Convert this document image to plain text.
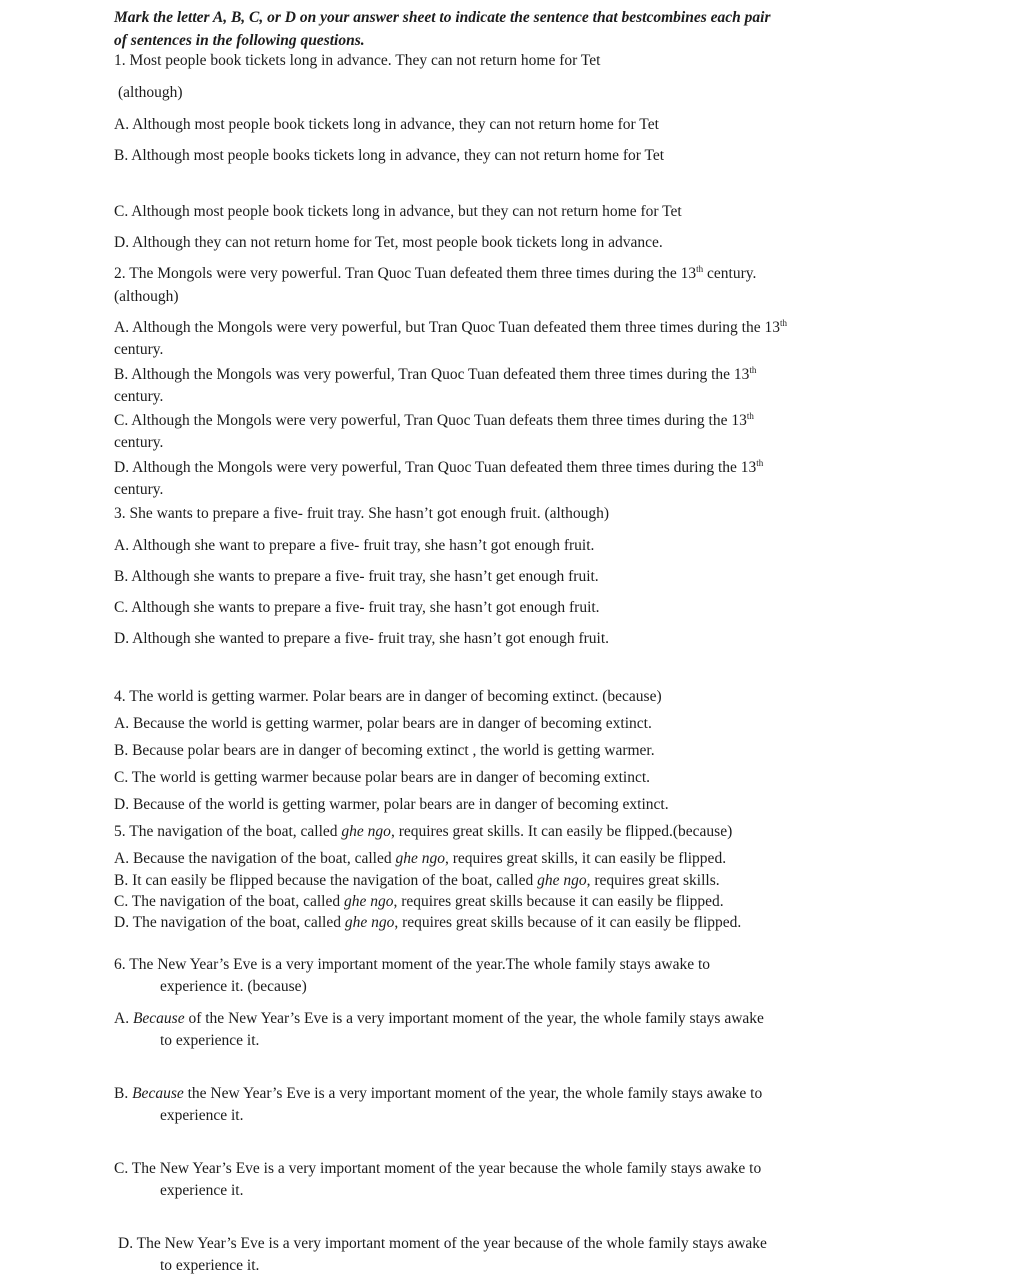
Mark the letter A, B, C, or D on your answer sheet to indicate the sentence that bestcombines each pair
of sentences in the following questions.
1. Most people book tickets long in advance. They can not return home for Tet
(although)
A. Although most people book tickets long in advance, they can not return home for Tet
B. Although most people books tickets long in advance, they can not return home for Tet
C. Although most people book tickets long in advance, but they can not return home for Tet
D. Although they can not return home for Tet, most people book tickets long in advance.
2. The Mongols were very powerful. Tran Quoc Tuan defeated them three times during the 13th century.
(although)
A. Although the Mongols were very powerful, but Tran Quoc Tuan defeated them three times during the 13th
century.
B. Although the Mongols was very powerful, Tran Quoc Tuan defeated them three times during the 13th
century.
C. Although the Mongols were very powerful, Tran Quoc Tuan defeats them three times during the 13th
century.
D. Although the Mongols were very powerful, Tran Quoc Tuan defeated them three times during the 13th
century.
3. She wants to prepare a five- fruit tray. She hasn’t got enough fruit. (although)
A. Although she want to prepare a five- fruit tray, she hasn’t got enough fruit.
B. Although she wants to prepare a five- fruit tray, she hasn’t get enough fruit.
C. Although she wants to prepare a five- fruit tray, she hasn’t got enough fruit.
D. Although she wanted to prepare a five- fruit tray, she hasn’t got enough fruit.
4. The world is getting warmer. Polar bears are in danger of becoming extinct. (because)
A. Because the world is getting warmer, polar bears are in danger of becoming extinct.
B. Because polar bears are in danger of becoming extinct , the world is getting warmer.
C. The world is getting warmer because polar bears are in danger of becoming extinct.
D. Because of the world is getting warmer, polar bears are in danger of becoming extinct.
5. The navigation of the boat, called ghe ngo, requires great skills. It can easily be flipped.(because)
A. Because the navigation of the boat, called ghe ngo, requires great skills, it can easily be flipped.
B. It can easily be flipped because the navigation of the boat, called ghe ngo, requires great skills.
C. The navigation of the boat, called ghe ngo, requires great skills because it can easily be flipped.
D. The navigation of the boat, called ghe ngo, requires great skills because of it can easily be flipped.
6. The New Year’s Eve is a very important moment of the year.The whole family stays awake to
experience it. (because)
A. Because of the New Year’s Eve is a very important moment of the year, the whole family stays awake
to experience it.
B. Because the New Year’s Eve is a very important moment of the year, the whole family stays awake to
experience it.
C. The New Year’s Eve is a very important moment of the year because the whole family stays awake to
experience it.
D. The New Year’s Eve is a very important moment of the year because of the whole family stays awake
to experience it.
